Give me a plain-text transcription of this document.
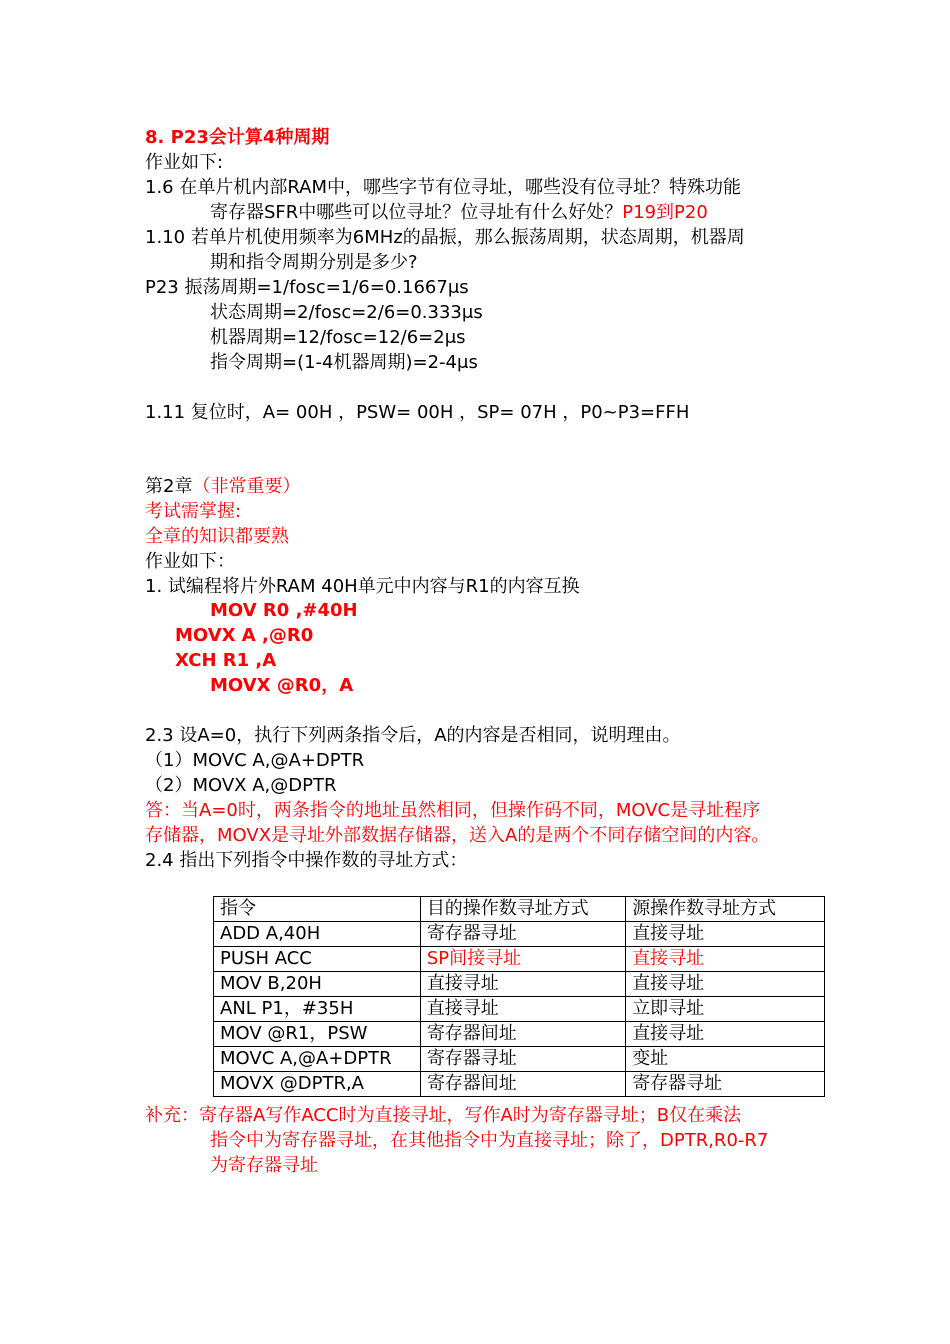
8. P23会计算4种周期
作业如下:
1.6 在单片机内部RAM中，哪些字节有位寻址，哪些没有位寻址？特殊功能
寄存器SFR中哪些可以位寻址？位寻址有什么好处？P19到P20
1.10 若单片机使用频率为6MHz的晶振，那么振荡周期，状态周期，机器周
期和指令周期分别是多少?
P23 振荡周期=1/fosc=1/6=0.1667μs
状态周期=2/fosc=2/6=0.333μs
机器周期=12/fosc=12/6=2μs
指令周期=(1-4机器周期)=2-4μs
1.11 复位时，A= 00H ，PSW= 00H ，SP= 07H ，P0~P3=FFH
第2章（非常重要）
考试需掌握:
全章的知识都要熟
作业如下：
1. 试编程将片外RAM 40H单元中内容与R1的内容互换
MOV R0 ,#40H
MOVX A ,@R0
XCH R1 ,A
MOVX @R0，A
2.3 设A=0，执行下列两条指令后，A的内容是否相同，说明理由。
（1）MOVC A,@A+DPTR
（2）MOVX A,@DPTR
答：当A=0时，两条指令的地址虽然相同，但操作码不同，MOVC是寻址程序
存储器，MOVX是寻址外部数据存储器，送入A的是两个不同存储空间的内容。
2.4 指出下列指令中操作数的寻址方式：
指令	目的操作数寻址方式	源操作数寻址方式
ADD A,40H	寄存器寻址	直接寻址
PUSH ACC	SP间接寻址	直接寻址
MOV B,20H	直接寻址	直接寻址
ANL P1，#35H	直接寻址	立即寻址
MOV @R1，PSW	寄存器间址	直接寻址
MOVC A,@A+DPTR	寄存器寻址	变址
MOVX @DPTR,A	寄存器间址	寄存器寻址
补充：寄存器A写作ACC时为直接寻址，写作A时为寄存器寻址；B仅在乘法
指令中为寄存器寻址，在其他指令中为直接寻址；除了，DPTR,R0-R7
为寄存器寻址
